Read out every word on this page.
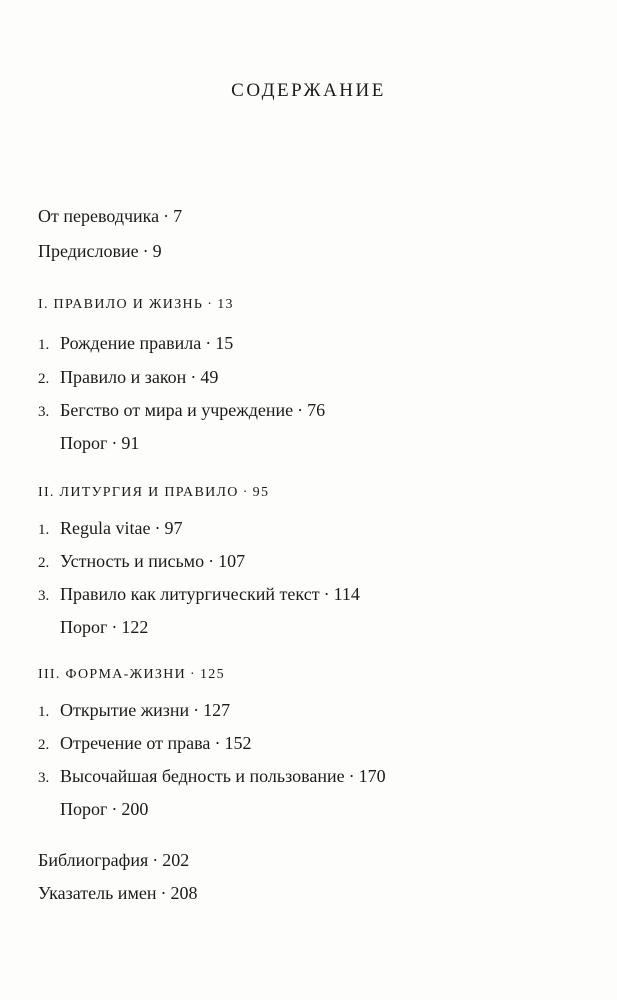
СОДЕРЖАНИЕ
От переводчика · 7
Предисловие · 9
I. ПРАВИЛО И ЖИЗНЬ · 13
1. Рождение правила · 15
2. Правило и закон · 49
3. Бегство от мира и учреждение · 76
Порог · 91
II. ЛИТУРГИЯ И ПРАВИЛО · 95
1. Regula vitae · 97
2. Устность и письмо · 107
3. Правило как литургический текст · 114
Порог · 122
III. ФОРМА-ЖИЗНИ · 125
1. Открытие жизни · 127
2. Отречение от права · 152
3. Высочайшая бедность и пользование · 170
Порог · 200
Библиография · 202
Указатель имен · 208
